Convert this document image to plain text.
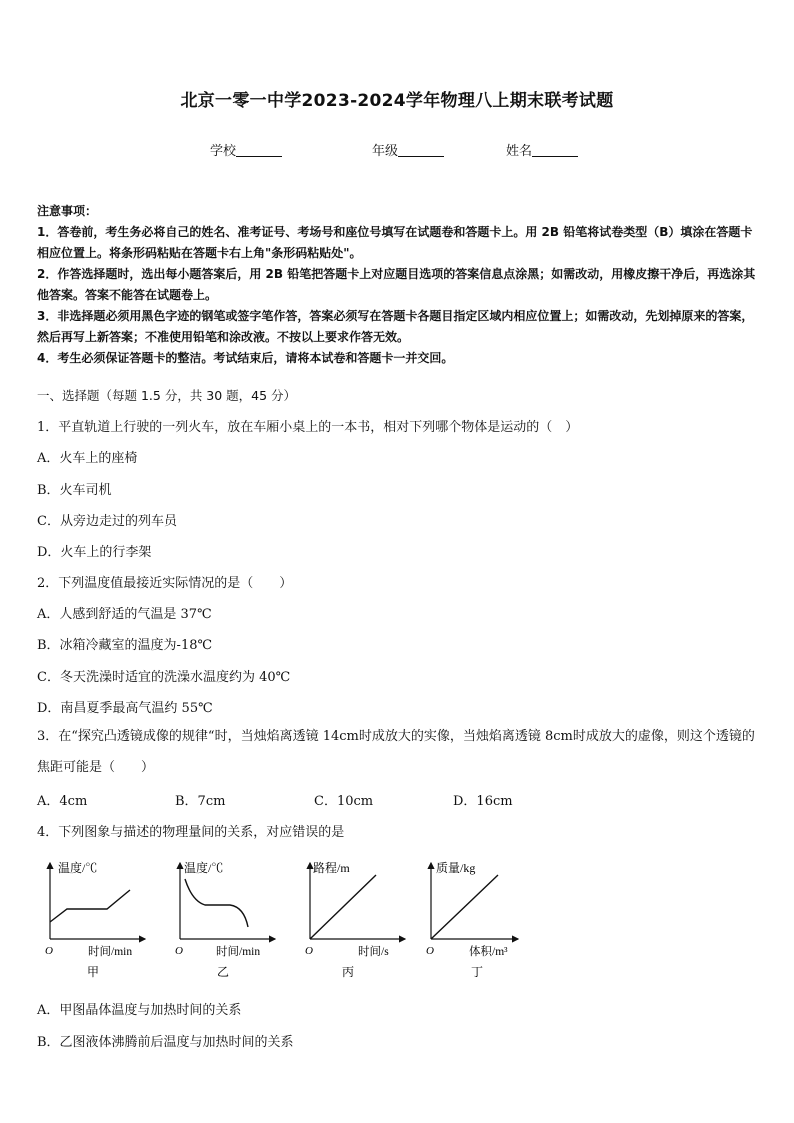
北京一零一中学2023-2024学年物理八上期末联考试题
学校	年级	姓名
注意事项：
1．答卷前，考生务必将自己的姓名、准考证号、考场号和座位号填写在试题卷和答题卡上。用 2B 铅笔将试卷类型（B）填涂在答题卡相应位置上。将条形码粘贴在答题卡右上角"条形码粘贴处"。
2．作答选择题时，选出每小题答案后，用 2B 铅笔把答题卡上对应题目选项的答案信息点涂黑；如需改动，用橡皮擦干净后，再选涂其他答案。答案不能答在试题卷上。
3．非选择题必须用黑色字迹的钢笔或签字笔作答，答案必须写在答题卡各题目指定区域内相应位置上；如需改动，先划掉原来的答案，然后再写上新答案；不准使用铅笔和涂改液。不按以上要求作答无效。
4．考生必须保证答题卡的整洁。考试结束后，请将本试卷和答题卡一并交回。
一、选择题（每题 1.5 分，共 30 题，45 分）
1．平直轨道上行驶的一列火车，放在车厢小桌上的一本书，相对下列哪个物体是运动的（　）
A．火车上的座椅
B．火车司机
C．从旁边走过的列车员
D．火车上的行李架
2．下列温度值最接近实际情况的是（　　）
A．人感到舒适的气温是 37℃
B．冰箱冷藏室的温度为-18℃
C．冬天洗澡时适宜的洗澡水温度约为 40℃
D．南昌夏季最高气温约 55℃
3．在“探究凸透镜成像的规律“时，当烛焰离透镜 14cm时成放大的实像，当烛焰离透镜 8cm时成放大的虚像，则这个透镜的焦距可能是（　　）
A．4cm	B．7cm	C．10cm	D．16cm
4．下列图象与描述的物理量间的关系，对应错误的是
温度/℃
时间/min
O
甲
温度/℃
时间/min
O
乙
路程/m
时间/s
O
丙
质量/kg
体积/m³
O
丁
A．甲图晶体温度与加热时间的关系
B．乙图液体沸腾前后温度与加热时间的关系
